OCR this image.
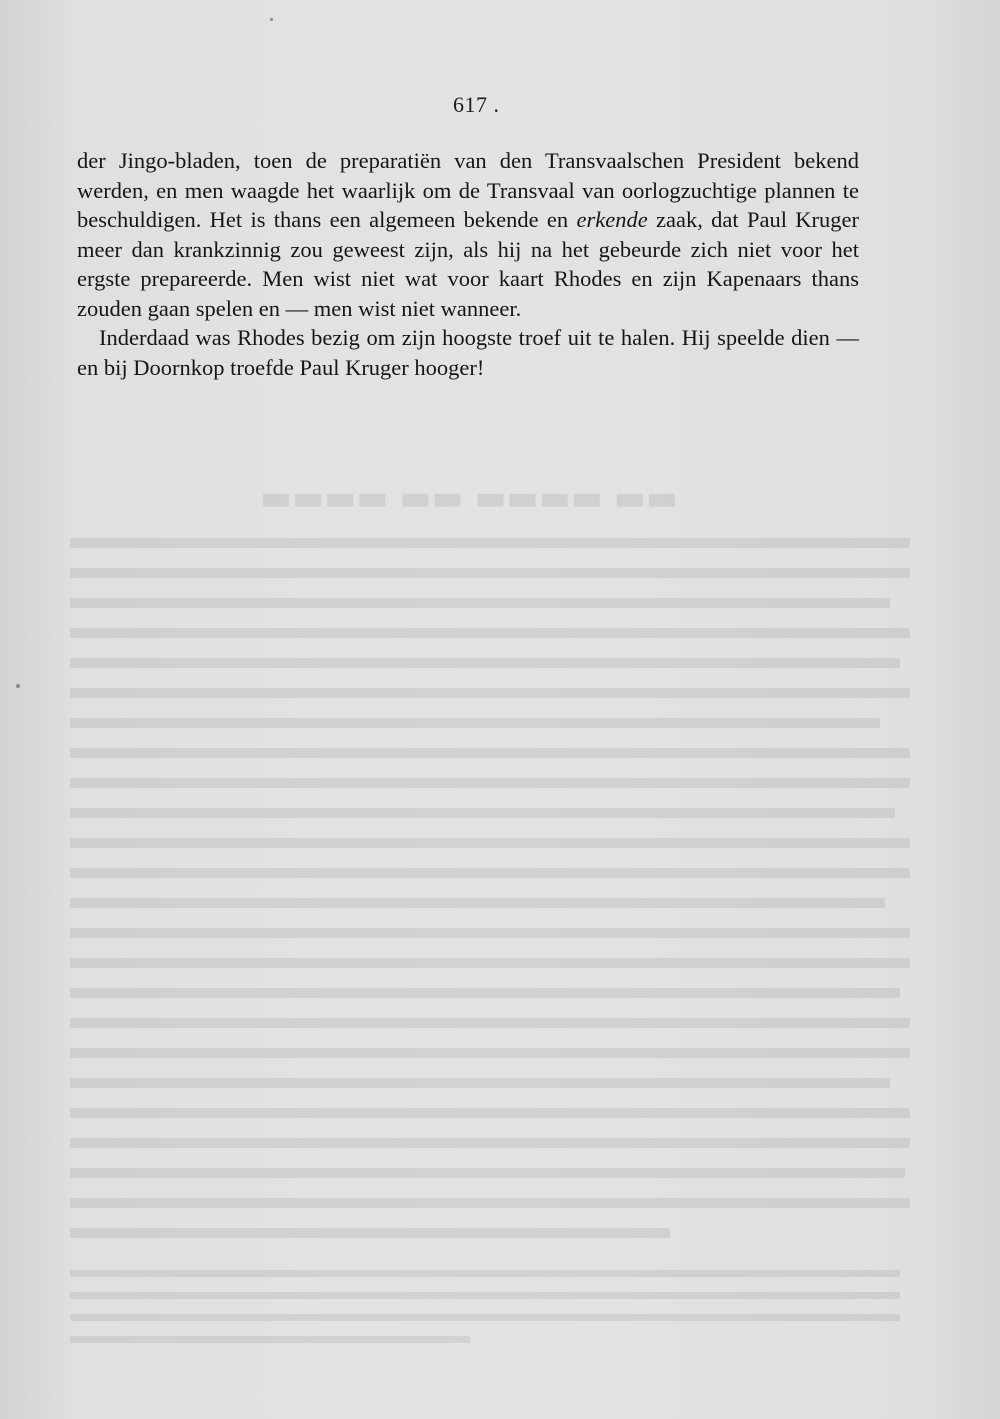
▬▬ ▬▬▬▬ ▬▬ ▬▬▬▬
617 .

der Jingo-bladen, toen de preparatiën van den Transvaalschen President bekend werden, en men waagde het waarlijk om de Transvaal van oorlogzuchtige plannen te beschuldigen. Het is thans een algemeen bekende en erkende zaak, dat Paul Kruger meer dan krankzinnig zou geweest zijn, als hij na het gebeurde zich niet voor het ergste prepareerde. Men wist niet wat voor kaart Rhodes en zijn Kapenaars thans zouden gaan spelen en — men wist niet wanneer.

Inderdaad was Rhodes bezig om zijn hoogste troef uit te halen. Hij speelde dien — en bij Doornkop troefde Paul Kruger hooger!
